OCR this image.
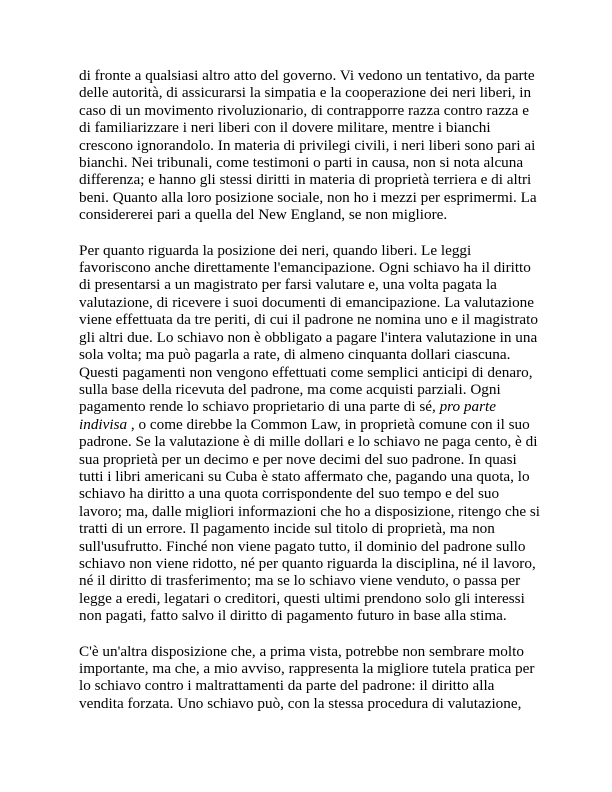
di fronte a qualsiasi altro atto del governo. Vi vedono un tentativo, da parte
delle autorità, di assicurarsi la simpatia e la cooperazione dei neri liberi, in
caso di un movimento rivoluzionario, di contrapporre razza contro razza e
di familiarizzare i neri liberi con il dovere militare, mentre i bianchi
crescono ignorandolo. In materia di privilegi civili, i neri liberi sono pari ai
bianchi. Nei tribunali, come testimoni o parti in causa, non si nota alcuna
differenza; e hanno gli stessi diritti in materia di proprietà terriera e di altri
beni. Quanto alla loro posizione sociale, non ho i mezzi per esprimermi. La
considererei pari a quella del New England, se non migliore.

Per quanto riguarda la posizione dei neri, quando liberi. Le leggi
favoriscono anche direttamente l'emancipazione. Ogni schiavo ha il diritto
di presentarsi a un magistrato per farsi valutare e, una volta pagata la
valutazione, di ricevere i suoi documenti di emancipazione. La valutazione
viene effettuata da tre periti, di cui il padrone ne nomina uno e il magistrato
gli altri due. Lo schiavo non è obbligato a pagare l'intera valutazione in una
sola volta; ma può pagarla a rate, di almeno cinquanta dollari ciascuna.
Questi pagamenti non vengono effettuati come semplici anticipi di denaro,
sulla base della ricevuta del padrone, ma come acquisti parziali. Ogni
pagamento rende lo schiavo proprietario di una parte di sé, pro parte
indivisa , o come direbbe la Common Law, in proprietà comune con il suo
padrone. Se la valutazione è di mille dollari e lo schiavo ne paga cento, è di
sua proprietà per un decimo e per nove decimi del suo padrone. In quasi
tutti i libri americani su Cuba è stato affermato che, pagando una quota, lo
schiavo ha diritto a una quota corrispondente del suo tempo e del suo
lavoro; ma, dalle migliori informazioni che ho a disposizione, ritengo che si
tratti di un errore. Il pagamento incide sul titolo di proprietà, ma non
sull'usufrutto. Finché non viene pagato tutto, il dominio del padrone sullo
schiavo non viene ridotto, né per quanto riguarda la disciplina, né il lavoro,
né il diritto di trasferimento; ma se lo schiavo viene venduto, o passa per
legge a eredi, legatari o creditori, questi ultimi prendono solo gli interessi
non pagati, fatto salvo il diritto di pagamento futuro in base alla stima.

C'è un'altra disposizione che, a prima vista, potrebbe non sembrare molto
importante, ma che, a mio avviso, rappresenta la migliore tutela pratica per
lo schiavo contro i maltrattamenti da parte del padrone: il diritto alla
vendita forzata. Uno schiavo può, con la stessa procedura di valutazione,
